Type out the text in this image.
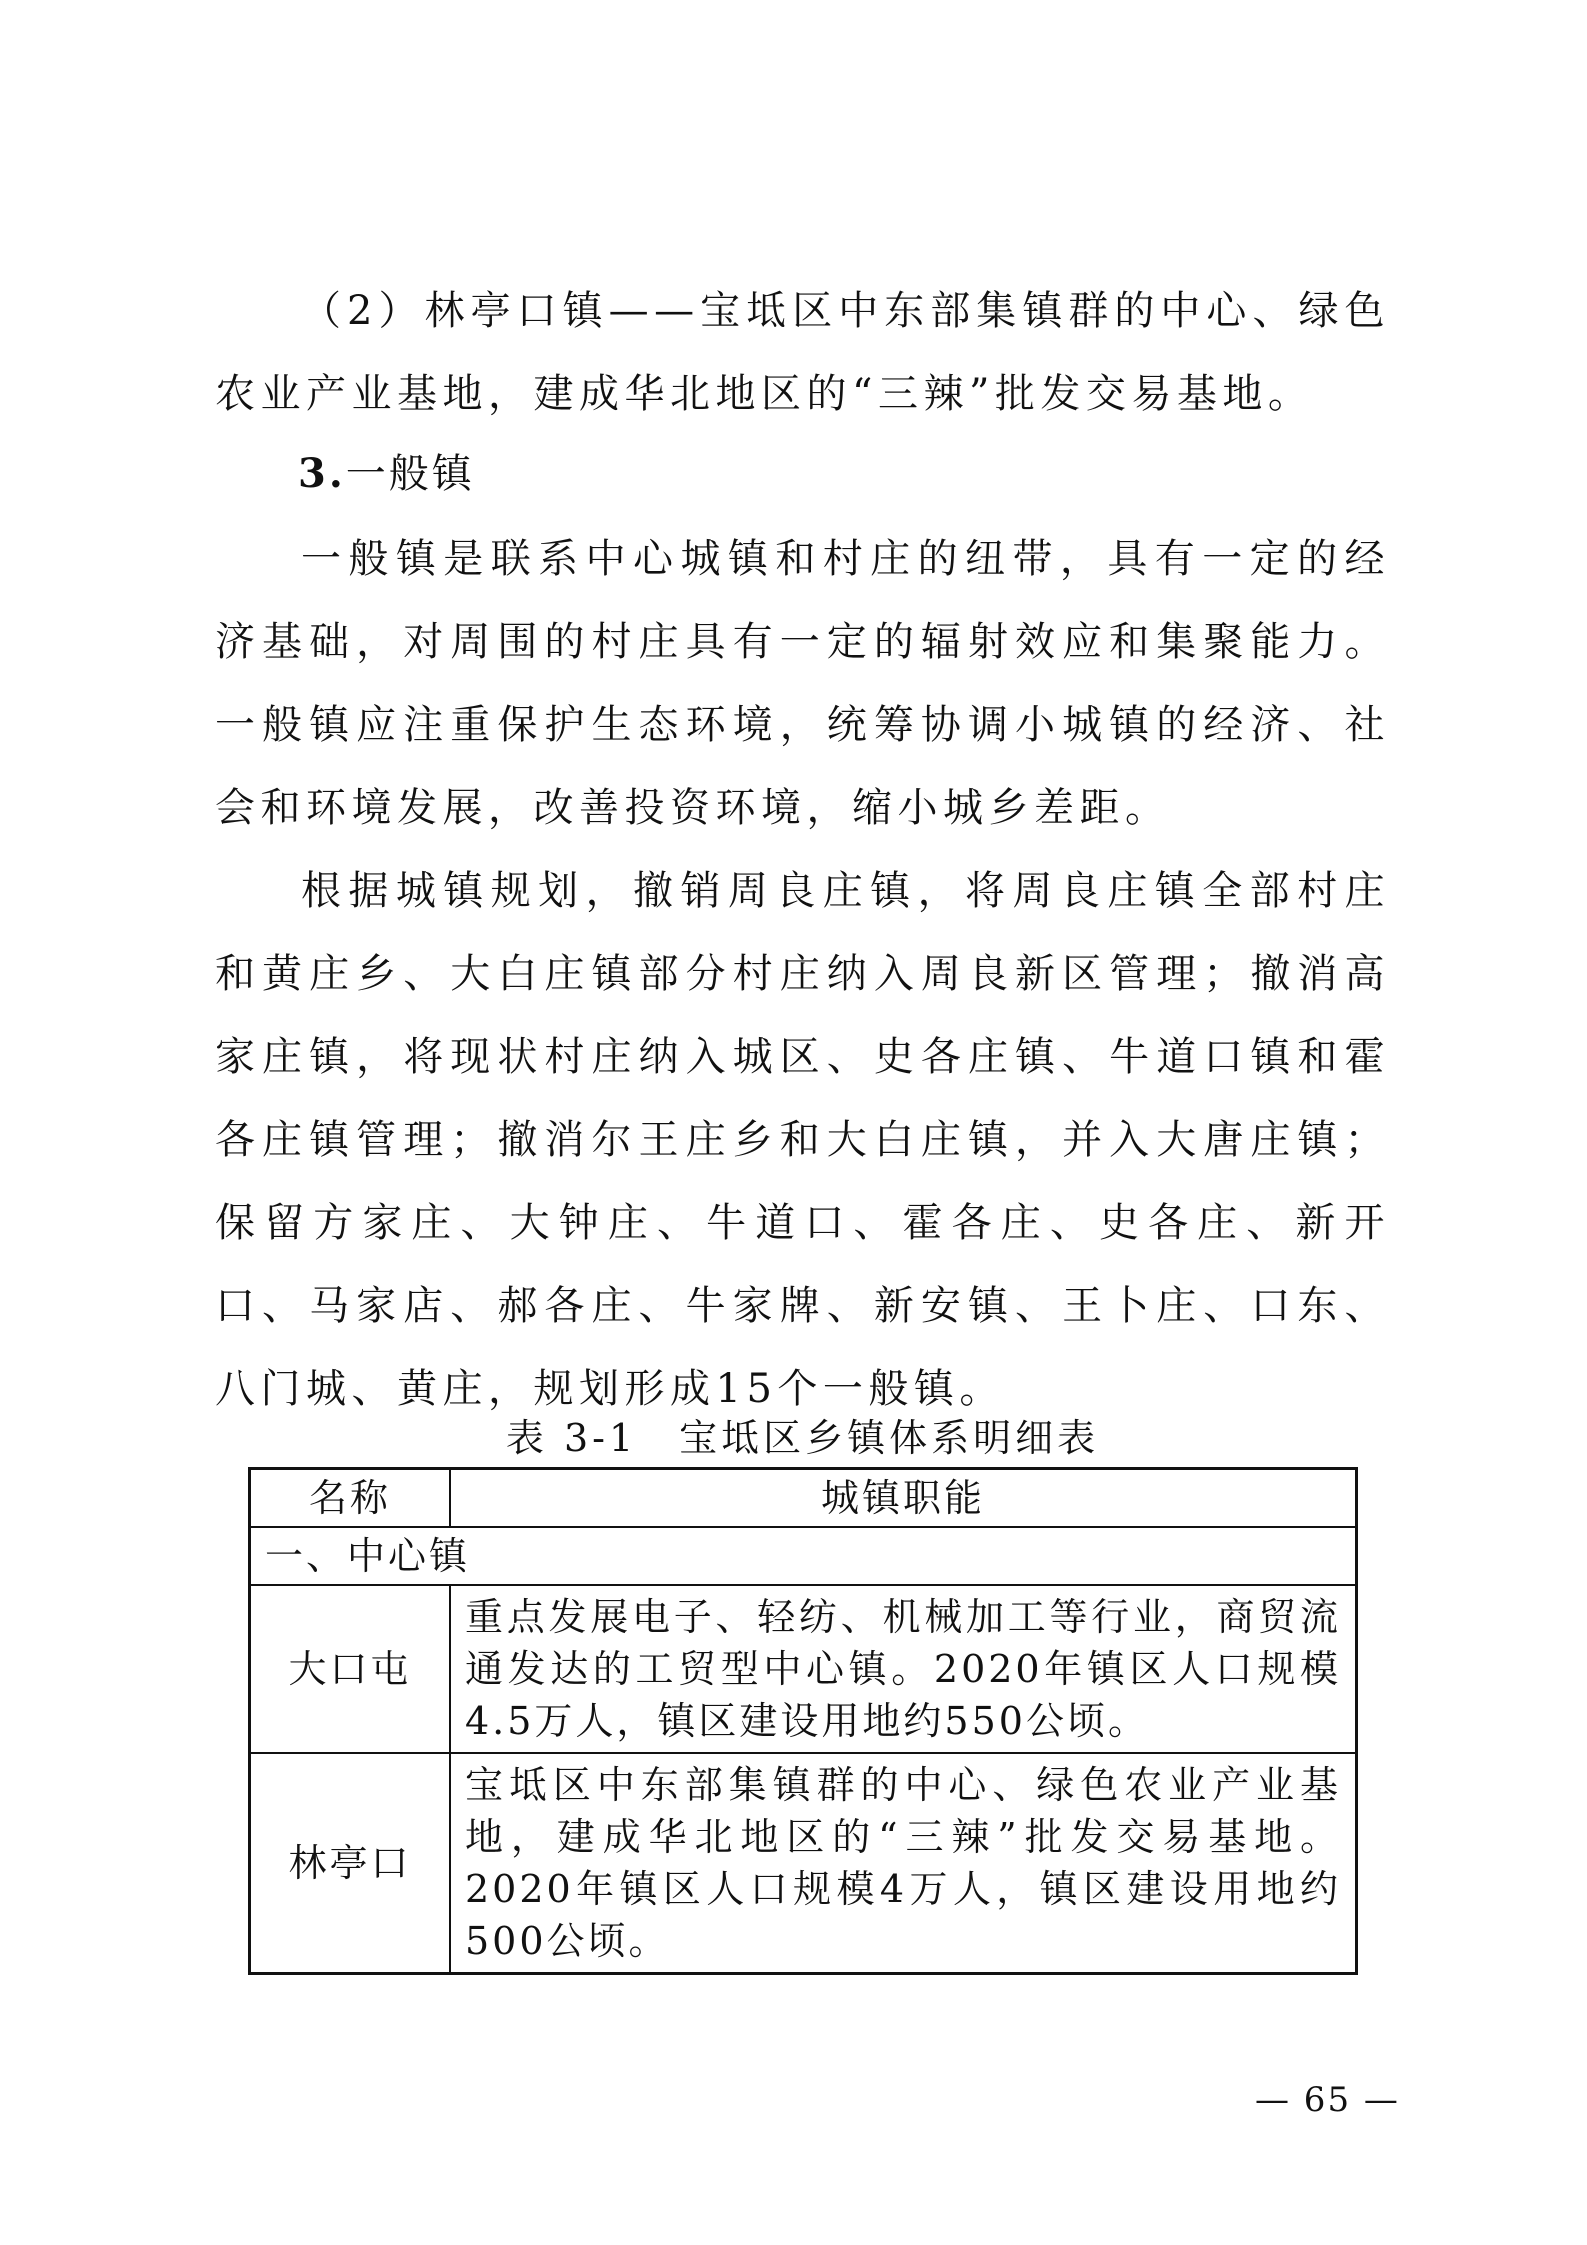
（2）林亭口镇——宝坻区中东部集镇群的中心、绿色农业产业基地，建成华北地区的“三辣”批发交易基地。

3.一般镇

一般镇是联系中心城镇和村庄的纽带，具有一定的经济基础，对周围的村庄具有一定的辐射效应和集聚能力。一般镇应注重保护生态环境，统筹协调小城镇的经济、社会和环境发展，改善投资环境，缩小城乡差距。

根据城镇规划，撤销周良庄镇，将周良庄镇全部村庄和黄庄乡、大白庄镇部分村庄纳入周良新区管理；撤消高家庄镇，将现状村庄纳入城区、史各庄镇、牛道口镇和霍各庄镇管理；撤消尔王庄乡和大白庄镇，并入大唐庄镇；保留方家庄、大钟庄、牛道口、霍各庄、史各庄、新开口、马家店、郝各庄、牛家牌、新安镇、王卜庄、口东、八门城、黄庄，规划形成15个一般镇。

表 3-1　宝坻区乡镇体系明细表
名称	城镇职能
一、中心镇	
大口屯	重点发展电子、轻纺、机械加工等行业，商贸流通发达的工贸型中心镇。2020年镇区人口规模4.5万人，镇区建设用地约550公顷。
林亭口	宝坻区中东部集镇群的中心、绿色农业产业基地，建成华北地区的“三辣”批发交易基地。2020年镇区人口规模4万人，镇区建设用地约500公顷。
— 65 —
